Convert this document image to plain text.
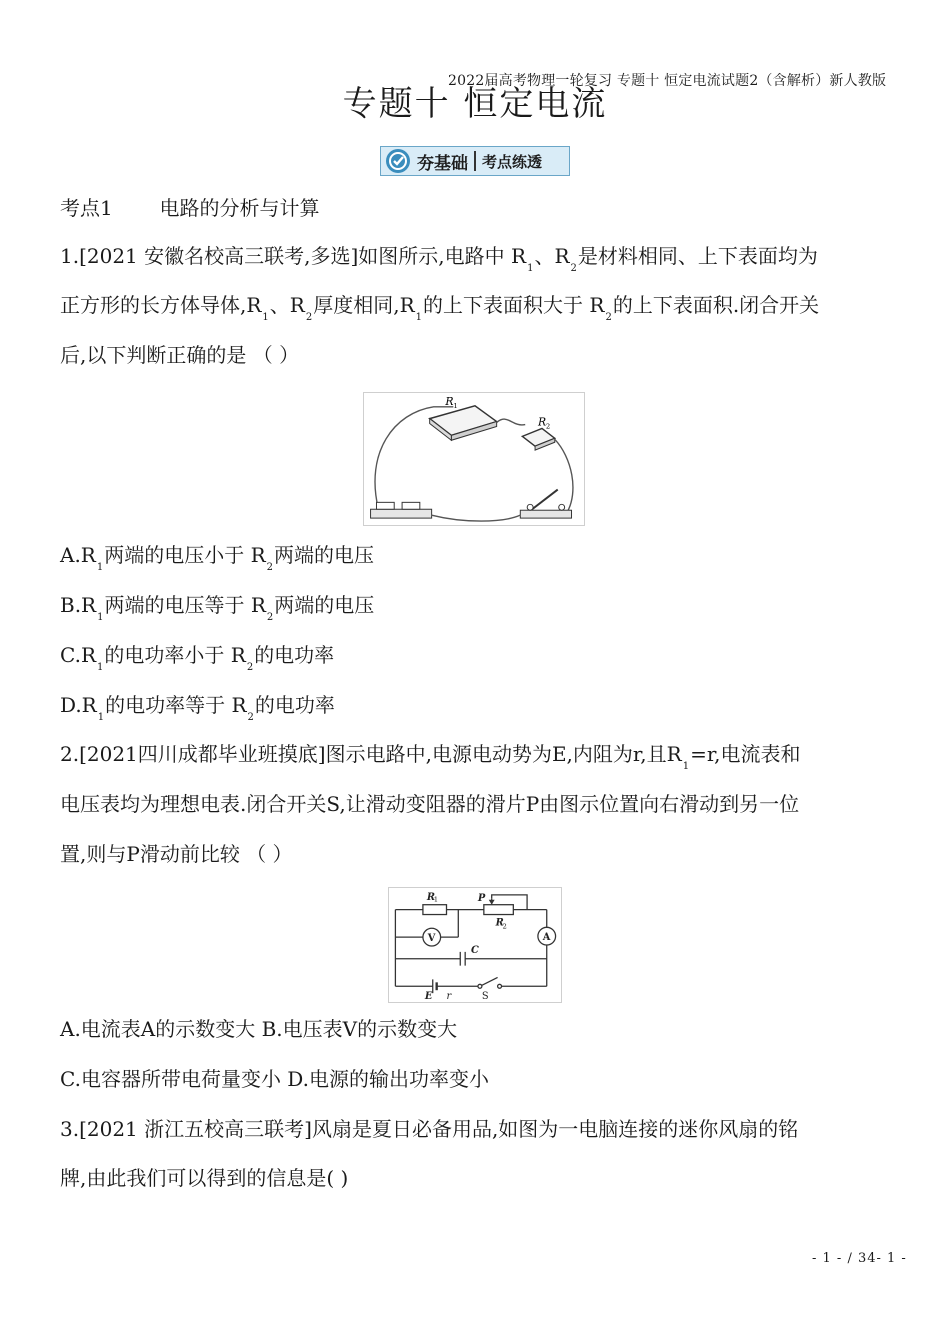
2022届高考物理一轮复习 专题十 恒定电流试题2（含解析）新人教版
专题十 恒定电流
夯基础 考点练透
考点1 电路的分析与计算
1.[2021 安徽名校高三联考,多选]如图所示,电路中 $R_1$、$R_2$是材料相同、上下表面均为
正方形的长方体导体$,R_1$、$R_2$厚度相同$,R_1$的上下表面积大于 $R_2$的上下表面积.闭合开关
后,以下判断正确的是 （ ）
R 1
R 2
$A.R_1$两端的电压小于 $R_2$两端的电压
$B.R_1$两端的电压等于 $R_2$两端的电压
$C.R_1$的电功率小于 $R_2$的电功率
$D.R_1$的电功率等于 $R_2$的电功率
2.[2021四川成都毕业班摸底]图示电路中,电源电动势为E,内阻为r,且$R_1=r$,电流表和
电压表均为理想电表.闭合开关S,让滑动变阻器的滑片P由图示位置向右滑动到另一位
置,则与P滑动前比较 （ ）
R
1	P
R
2
V	A
C
E r	S
A.电流表A的示数变大 B.电压表V的示数变大
C.电容器所带电荷量变小 D.电源的输出功率变小
3.[2021 浙江五校高三联考]风扇是夏日必备用品,如图为一电脑连接的迷你风扇的铭
牌,由此我们可以得到的信息是( )
- 1 - / 34- 1 -
